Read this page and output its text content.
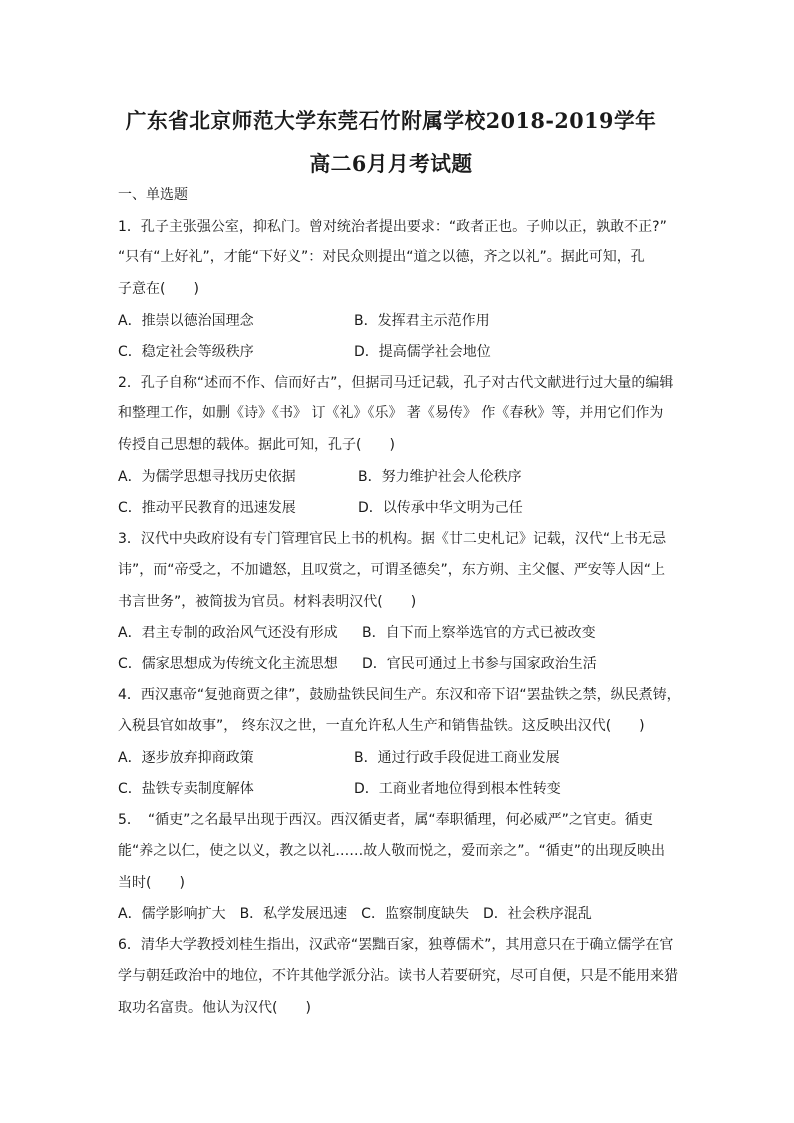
广东省北京师范大学东莞石竹附属学校2018-2019学年
高二6月月考试题
一、单选题
1．孔子主张强公室，抑私门。曾对统治者提出要求：“政者正也。子帅以正，孰敢不正?”
“只有“上好礼”，才能“下好义”：对民众则提出“道之以德，齐之以礼”。据此可知，孔
子意在(　　)
A．推崇以德治国理念	B．发挥君主示范作用
C．稳定社会等级秩序	D．提高儒学社会地位
2．孔子自称“述而不作、信而好古”，但据司马迁记载，孔子对古代文献进行过大量的编辑
和整理工作，如删《诗》《书》 订《礼》《乐》 著《易传》 作《春秋》等，并用它们作为
传授自己思想的载体。据此可知，孔子(　　)
A．为儒学思想寻找历史依据	B．努力维护社会人伦秩序
C．推动平民教育的迅速发展	D．以传承中华文明为己任
3．汉代中央政府设有专门管理官民上书的机构。据《廿二史札记》记载，汉代“上书无忌
讳”，而“帝受之，不加谴怒，且叹赏之，可谓圣德矣”，东方朔、主父偃、严安等人因“上
书言世务”，被简拔为官员。材料表明汉代(　　)
A．君主专制的政治风气还没有形成 B．自下而上察举选官的方式已被改变
C．儒家思想成为传统文化主流思想 D．官民可通过上书参与国家政治生活
4．西汉惠帝“复弛商贾之律”，鼓励盐铁民间生产。东汉和帝下诏“罢盐铁之禁，纵民煮铸，
入税县官如故事”， 终东汉之世，一直允许私人生产和销售盐铁。这反映出汉代(　　)
A．逐步放弃抑商政策	B．通过行政手段促进工商业发展
C．盐铁专卖制度解体	D．工商业者地位得到根本性转变
5．　“循吏”之名最早出现于西汉。西汉循吏者，属“奉职循理，何必威严”之官吏。循吏
能“养之以仁，使之以义，教之以礼……故人敬而悦之，爱而亲之”。“循吏”的出现反映出
当时(　　)
A．儒学影响扩大　B．私学发展迅速　C．监察制度缺失　D．社会秩序混乱
6．清华大学教授刘桂生指出，汉武帝“罢黜百家，独尊儒术”，其用意只在于确立儒学在官
学与朝廷政治中的地位，不许其他学派分沾。读书人若要研究，尽可自便，只是不能用来猎
取功名富贵。他认为汉代(　　)
